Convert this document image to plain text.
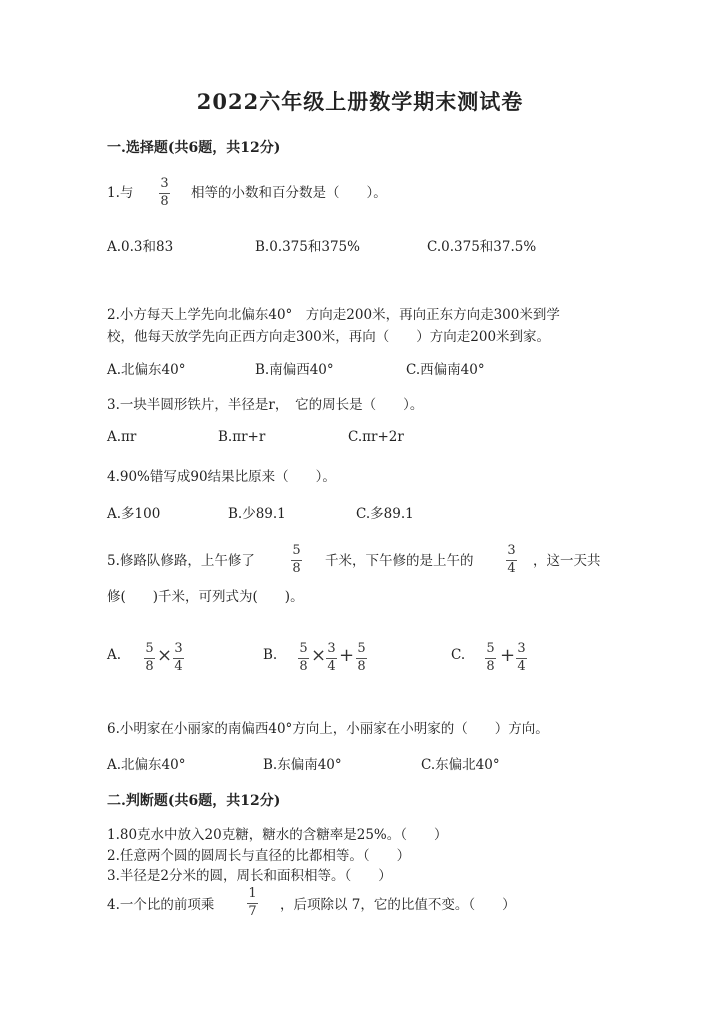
2022六年级上册数学期末测试卷
一.选择题(共6题，共12分)
1.与
3
8
相等的小数和百分数是（　　）。
A.0.3和83	B.0.375和375%	C.0.375和37.5%
2.小方每天上学先向北偏东40°　方向走200米，再向正东方向走300米到学
校，他每天放学先向正西方向走300米，再向（　　）方向走200米到家。
A.北偏东40°	B.南偏西40°	C.西偏南40°
3.一块半圆形铁片，半径是r，　它的周长是（　　）。
A.πr	B.πr+r	C.πr+2r
4.90%错写成90结果比原来（　　）。
A.多100	B.少89.1	C.多89.1
5.修路队修路，上午修了
5
8 千米，下午修的是上午的
3
4 ，这一天共
修(　　)千米，可列式为(　　)。
A. 5
8
× 3
4
B. 5
8
× 3
4
+ 5
8
C. 5
8
+ 3
4
6.小明家在小丽家的南偏西40°方向上，小丽家在小明家的（　　）方向。
A.北偏东40°	B.东偏南40°	C.东偏北40°
二.判断题(共6题，共12分)
1.80克水中放入20克糖，糖水的含糖率是25%。（　　）
2.任意两个圆的圆周长与直径的比都相等。（　　）
3.半径是2分米的圆，周长和面积相等。（　　）
4.一个比的前项乘
1
7 ，后项除以 7，它的比值不变。（　　）
